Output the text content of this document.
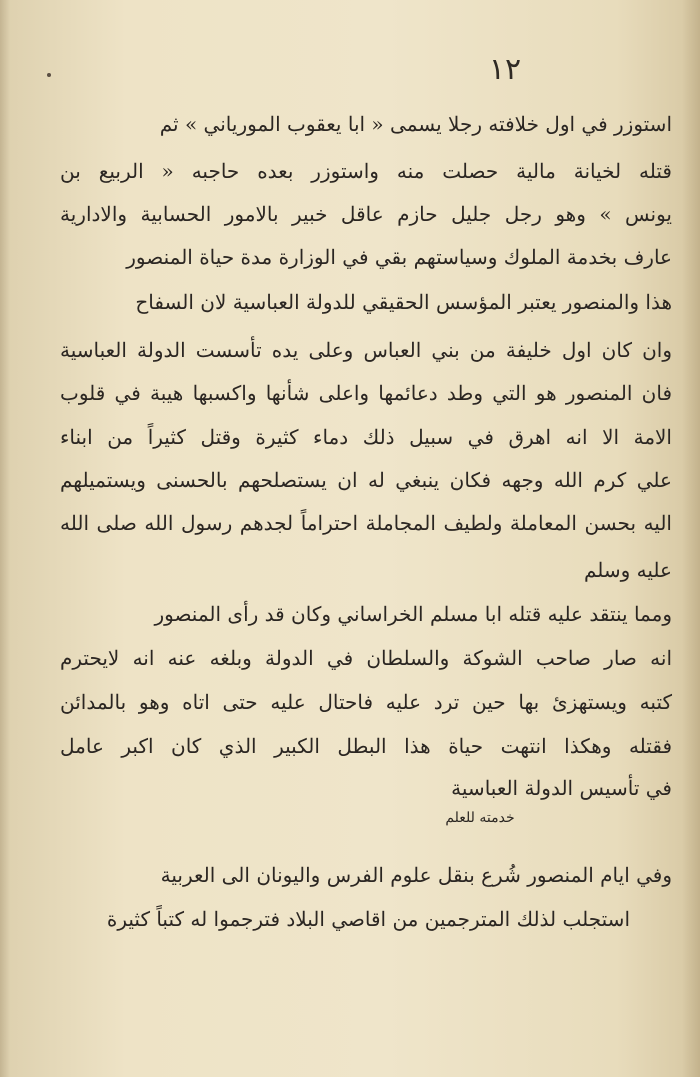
١٢
استوزر في اول خلافته رجلا يسمى « ابا يعقوب المورياني » ثم
قتله لخيانة مالية حصلت منه واستوزر بعده حاجبه « الربيع بن
يونس » وهو رجل جليل حازم عاقل خبير بالامور الحسابية والادارية
عارف بخدمة الملوك وسياستهم بقي في الوزارة مدة حياة المنصور
هذا والمنصور يعتبر المؤسس الحقيقي للدولة العباسية لان السفاح
وان كان اول خليفة من بني العباس وعلى يده تأسست الدولة العباسية
فان المنصور هو التي وطد دعائمها واعلى شأنها واكسبها هيبة في قلوب
الامة الا انه اهرق في سبيل ذلك دماء كثيرة وقتل كثيراً من ابناء
علي كرم الله وجهه فكان ينبغي له ان يستصلحهم بالحسنى ويستميلهم
اليه بحسن المعاملة ولطيف المجاملة احتراماً لجدهم رسول الله صلى الله
عليه وسلم
ومما ينتقد عليه قتله ابا مسلم الخراساني وكان قد رأى المنصور
انه صار صاحب الشوكة والسلطان في الدولة وبلغه عنه انه لايحترم
كتبه ويستهزئ بها حين ترد عليه فاحتال عليه حتى اتاه وهو بالمدائن
فقتله وهكذا انتهت حياة هذا البطل الكبير الذي كان اكبر عامل
في تأسيس الدولة العباسية
وفي ايام المنصور شُرع بنقل علوم الفرس واليونان الى العربية
استجلب لذلك المترجمين من اقاصي البلاد فترجموا له كتباً كثيرة
خدمته للعلم
